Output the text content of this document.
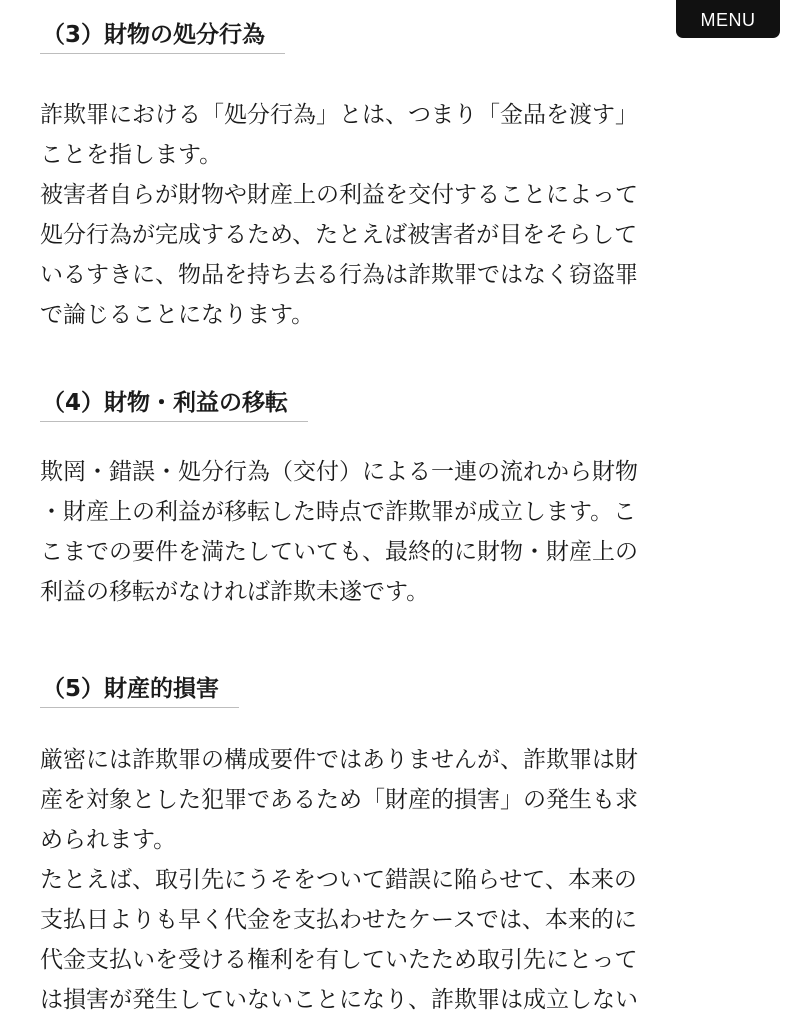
MENU
（3）財物の処分行為

詐欺罪における「処分行為」とは、つまり「金品を渡す」
ことを指します。

被害者自らが財物や財産上の利益を交付することによって
処分行為が完成するため、たとえば被害者が目をそらして
いるすきに、物品を持ち去る行為は詐欺罪ではなく窃盗罪
で論じることになります。

（4）財物・利益の移転

欺罔・錯誤・処分行為（交付）による一連の流れから財物
・財産上の利益が移転した時点で詐欺罪が成立します。こ
こまでの要件を満たしていても、最終的に財物・財産上の
利益の移転がなければ詐欺未遂です。

（5）財産的損害

厳密には詐欺罪の構成要件ではありませんが、詐欺罪は財
産を対象とした犯罪であるため「財産的損害」の発生も求
められます。

たとえば、取引先にうそをついて錯誤に陥らせて、本来の
支払日よりも早く代金を支払わせたケースでは、本来的に
代金支払いを受ける権利を有していたため取引先にとって
は損害が発生していないことになり、詐欺罪は成立しない
